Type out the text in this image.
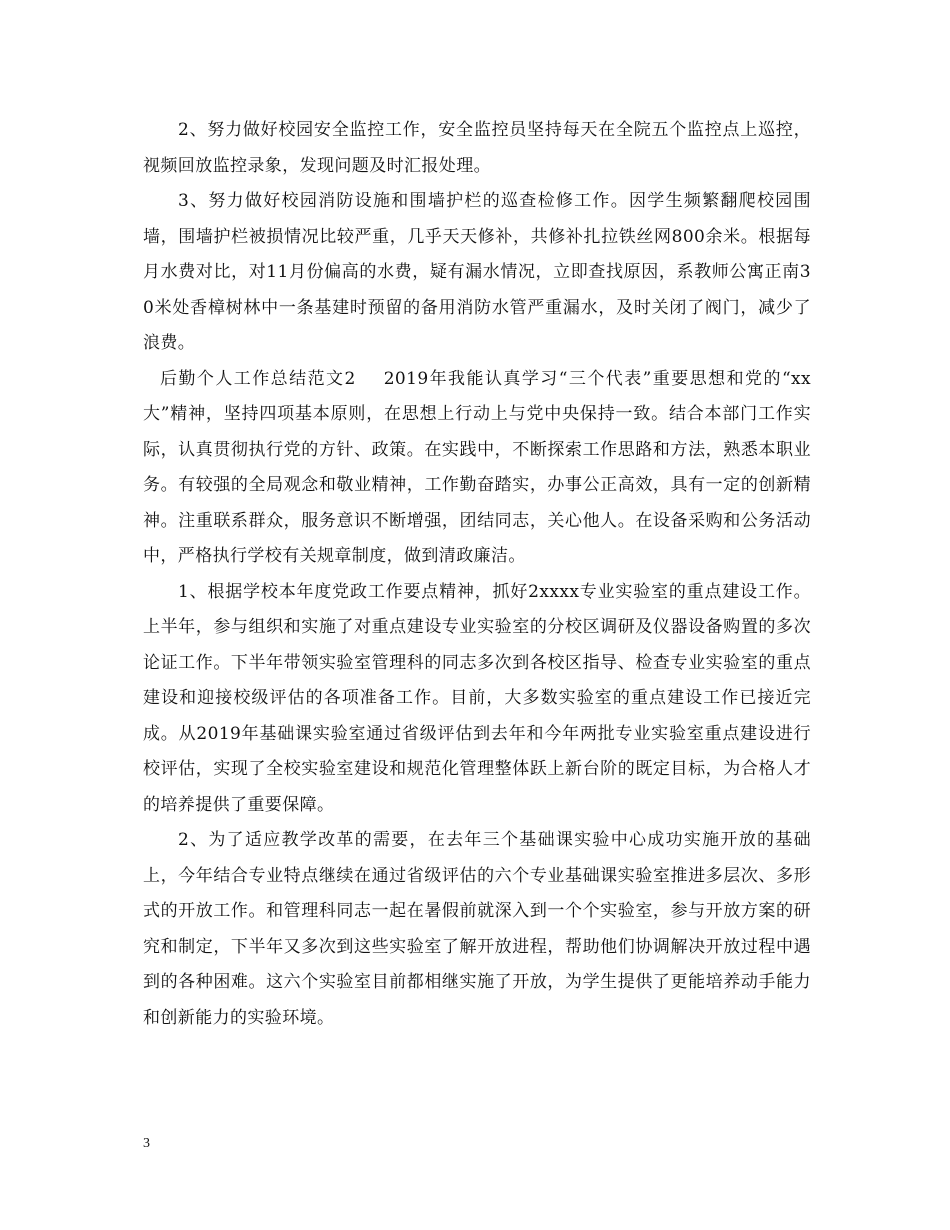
2、努力做好校园安全监控工作，安全监控员坚持每天在全院五个监控点上巡控，视频回放监控录象，发现问题及时汇报处理。

3、努力做好校园消防设施和围墙护栏的巡查检修工作。因学生频繁翻爬校园围墙，围墙护栏被损情况比较严重，几乎天天修补，共修补扎拉铁丝网800余米。根据每月水费对比，对11月份偏高的水费，疑有漏水情况，立即查找原因，系教师公寓正南30米处香樟树林中一条基建时预留的备用消防水管严重漏水，及时关闭了阀门，减少了浪费。

后勤个人工作总结范文2 2019年我能认真学习“三个代表”重要思想和党的“xx大”精神，坚持四项基本原则，在思想上行动上与党中央保持一致。结合本部门工作实际，认真贯彻执行党的方针、政策。在实践中，不断探索工作思路和方法，熟悉本职业务。有较强的全局观念和敬业精神，工作勤奋踏实，办事公正高效，具有一定的创新精神。注重联系群众，服务意识不断增强，团结同志，关心他人。在设备采购和公务活动中，严格执行学校有关规章制度，做到清政廉洁。

1、根据学校本年度党政工作要点精神，抓好2xxxx专业实验室的重点建设工作。上半年，参与组织和实施了对重点建设专业实验室的分校区调研及仪器设备购置的多次论证工作。下半年带领实验室管理科的同志多次到各校区指导、检查专业实验室的重点建设和迎接校级评估的各项准备工作。目前，大多数实验室的重点建设工作已接近完成。从2019年基础课实验室通过省级评估到去年和今年两批专业实验室重点建设进行校评估，实现了全校实验室建设和规范化管理整体跃上新台阶的既定目标，为合格人才的培养提供了重要保障。

2、为了适应教学改革的需要，在去年三个基础课实验中心成功实施开放的基础上，今年结合专业特点继续在通过省级评估的六个专业基础课实验室推进多层次、多形式的开放工作。和管理科同志一起在暑假前就深入到一个个实验室，参与开放方案的研究和制定，下半年又多次到这些实验室了解开放进程，帮助他们协调解决开放过程中遇到的各种困难。这六个实验室目前都相继实施了开放，为学生提供了更能培养动手能力和创新能力的实验环境。

3
